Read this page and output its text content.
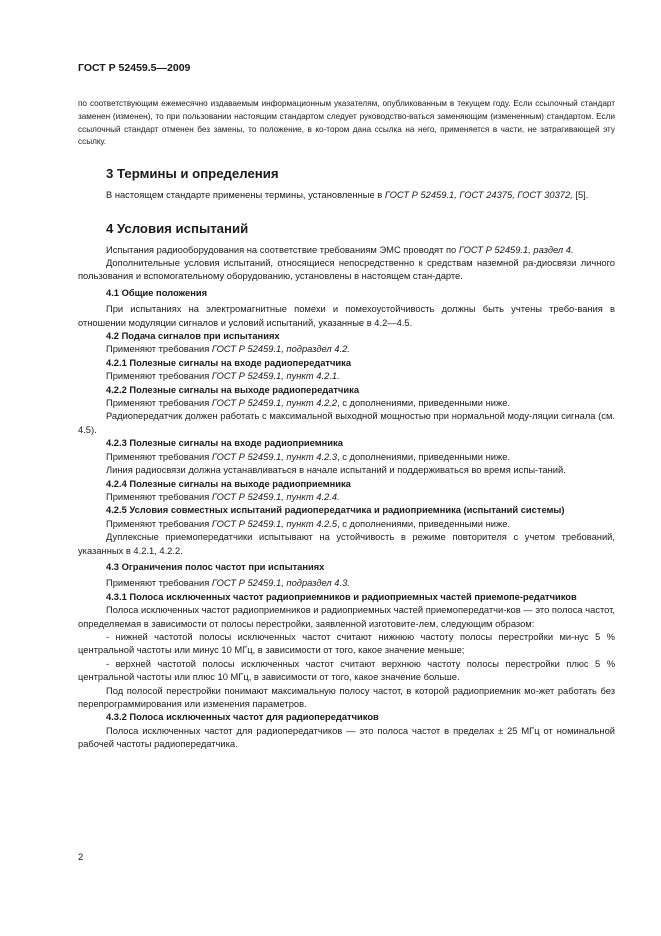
ГОСТ Р 52459.5—2009
по соответствующим ежемесячно издаваемым информационным указателям, опубликованным в текущем году. Если ссылочный стандарт заменен (изменен), то при пользовании настоящим стандартом следует руководство-ваться заменяющим (измененным) стандартом. Если ссылочный стандарт отменен без замены, то положение, в ко-тором дана ссылка на него, применяется в части, не затрагивающей эту ссылку.
3 Термины и определения

В настоящем стандарте применены термины, установленные в ГОСТ Р 52459.1, ГОСТ 24375, ГОСТ 30372, [5].

4 Условия испытаний

Испытания радиооборудования на соответствие требованиям ЭМС проводят по ГОСТ Р 52459.1, раздел 4.

Дополнительные условия испытаний, относящиеся непосредственно к средствам наземной ра-диосвязи личного пользования и вспомогательному оборудованию, установлены в настоящем стан-дарте.

4.1 Общие положения

При испытаниях на электромагнитные помехи и помехоустойчивость должны быть учтены требо-вания в отношении модуляции сигналов и условий испытаний, указанные в 4.2—4.5.

4.2 Подача сигналов при испытаниях

Применяют требования ГОСТ Р 52459.1, подраздел 4.2.

4.2.1 Полезные сигналы на входе радиопередатчика

Применяют требования ГОСТ Р 52459.1, пункт 4.2.1.

4.2.2 Полезные сигналы на выходе радиопередатчика

Применяют требования ГОСТ Р 52459.1, пункт 4.2.2, с дополнениями, приведенными ниже.

Радиопередатчик должен работать с максимальной выходной мощностью при нормальной моду-ляции сигнала (см. 4.5).

4.2.3 Полезные сигналы на входе радиоприемника

Применяют требования ГОСТ Р 52459.1, пункт 4.2.3, с дополнениями, приведенными ниже.

Линия радиосвязи должна устанавливаться в начале испытаний и поддерживаться во время испы-таний.

4.2.4 Полезные сигналы на выходе радиоприемника

Применяют требования ГОСТ Р 52459.1, пункт 4.2.4.

4.2.5 Условия совместных испытаний радиопередатчика и радиоприемника (испытаний системы)

Применяют требования ГОСТ Р 52459.1, пункт 4.2.5, с дополнениями, приведенными ниже.

Дуплексные приемопередатчики испытывают на устойчивость в режиме повторителя с учетом требований, указанных в 4.2.1, 4.2.2.

4.3 Ограничения полос частот при испытаниях

Применяют требования ГОСТ Р 52459.1, подраздел 4.3.

4.3.1 Полоса исключенных частот радиоприемников и радиоприемных частей приемопе-редатчиков

Полоса исключенных частот радиоприемников и радиоприемных частей приемопередатчи-ков — это полоса частот, определяемая в зависимости от полосы перестройки, заявленной изготовите-лем, следующим образом:

- нижней частотой полосы исключенных частот считают нижнюю частоту полосы перестройки ми-нус 5 % центральной частоты или минус 10 МГц, в зависимости от того, какое значение меньше;

- верхней частотой полосы исключенных частот считают верхнюю частоту полосы перестройки плюс 5 % центральной частоты или плюс 10 МГц, в зависимости от того, какое значение больше.

Под полосой перестройки понимают максимальную полосу частот, в которой радиоприемник мо-жет работать без перепрограммирования или изменения параметров.

4.3.2 Полоса исключенных частот для радиопередатчиков

Полоса исключенных частот для радиопередатчиков — это полоса частот в пределах ± 25 МГц от номинальной рабочей частоты радиопередатчика.

2
